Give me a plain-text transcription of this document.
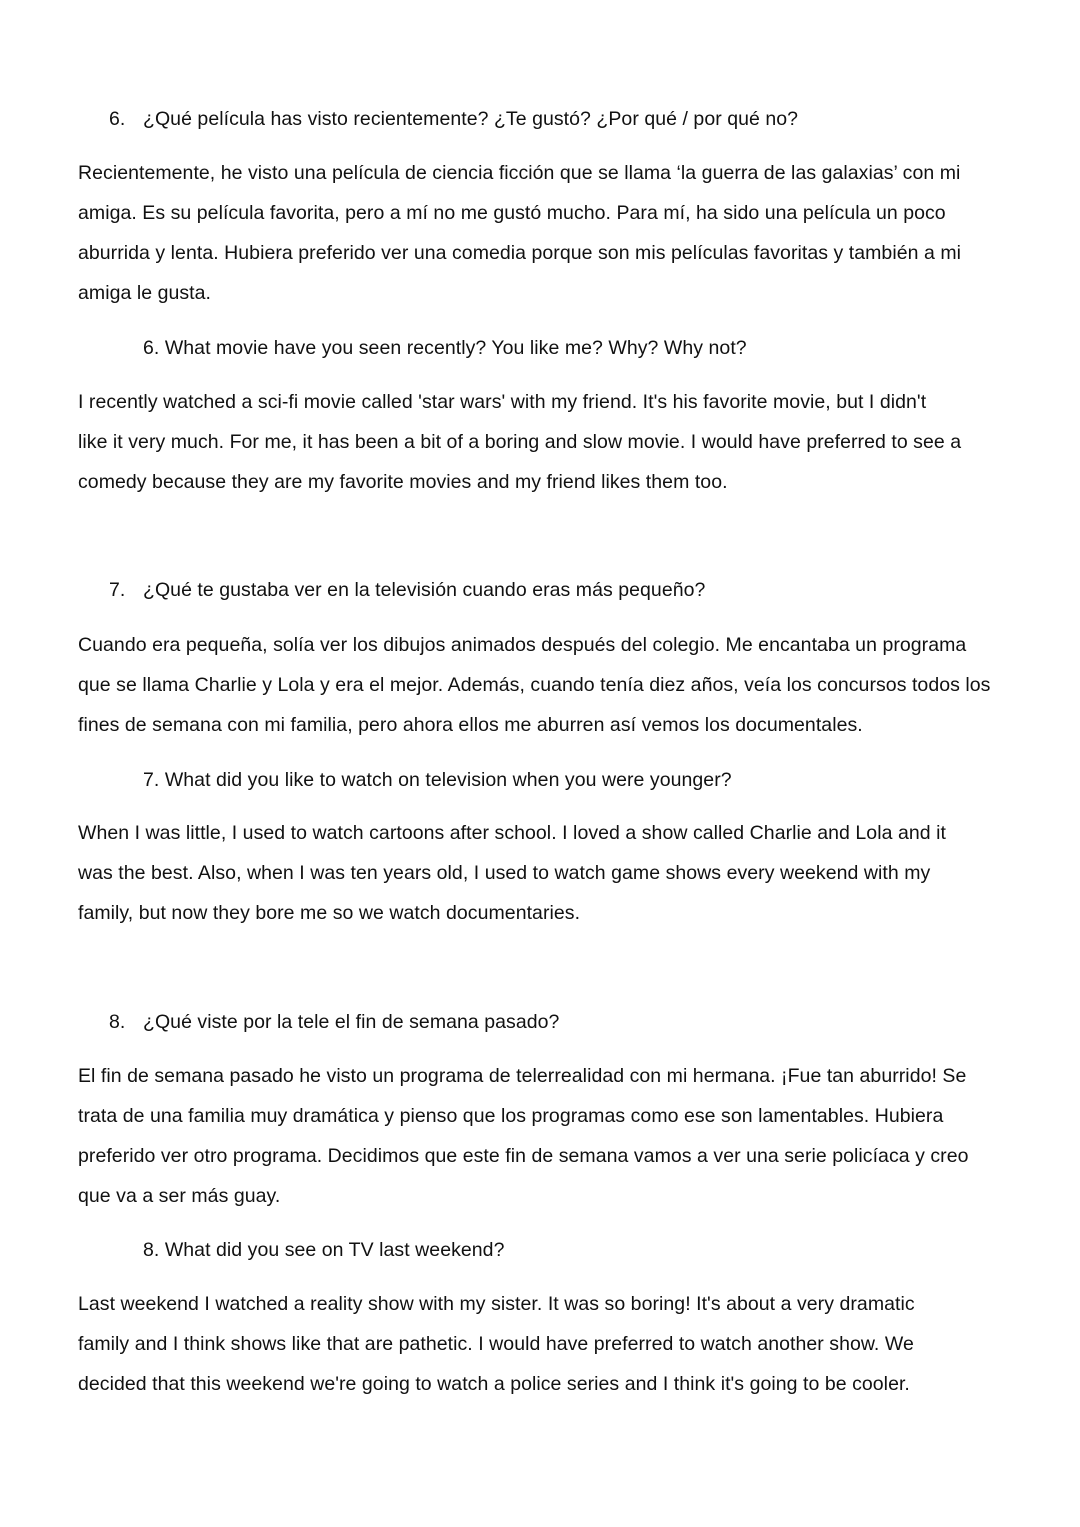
6. ¿Qué película has visto recientemente? ¿Te gustó? ¿Por qué / por qué no?
Recientemente, he visto una película de ciencia ficción que se llama ‘la guerra de las galaxias’ con mi
amiga. Es su película favorita, pero a mí no me gustó mucho. Para mí, ha sido una película un poco
aburrida y lenta. Hubiera preferido ver una comedia porque son mis películas favoritas y también a mi
amiga le gusta.
6. What movie have you seen recently? You like me? Why? Why not?
I recently watched a sci-fi movie called 'star wars' with my friend. It's his favorite movie, but I didn't
like it very much. For me, it has been a bit of a boring and slow movie. I would have preferred to see a
comedy because they are my favorite movies and my friend likes them too.
7. ¿Qué te gustaba ver en la televisión cuando eras más pequeño?
Cuando era pequeña, solía ver los dibujos animados después del colegio. Me encantaba un programa
que se llama Charlie y Lola y era el mejor. Además, cuando tenía diez años, veía los concursos todos los
fines de semana con mi familia, pero ahora ellos me aburren así vemos los documentales.
7. What did you like to watch on television when you were younger?
When I was little, I used to watch cartoons after school. I loved a show called Charlie and Lola and it
was the best. Also, when I was ten years old, I used to watch game shows every weekend with my
family, but now they bore me so we watch documentaries.
8. ¿Qué viste por la tele el fin de semana pasado?
El fin de semana pasado he visto un programa de telerrealidad con mi hermana. ¡Fue tan aburrido! Se
trata de una familia muy dramática y pienso que los programas como ese son lamentables. Hubiera
preferido ver otro programa. Decidimos que este fin de semana vamos a ver una serie policíaca y creo
que va a ser más guay.
8. What did you see on TV last weekend?
Last weekend I watched a reality show with my sister. It was so boring! It's about a very dramatic
family and I think shows like that are pathetic. I would have preferred to watch another show. We
decided that this weekend we're going to watch a police series and I think it's going to be cooler.
